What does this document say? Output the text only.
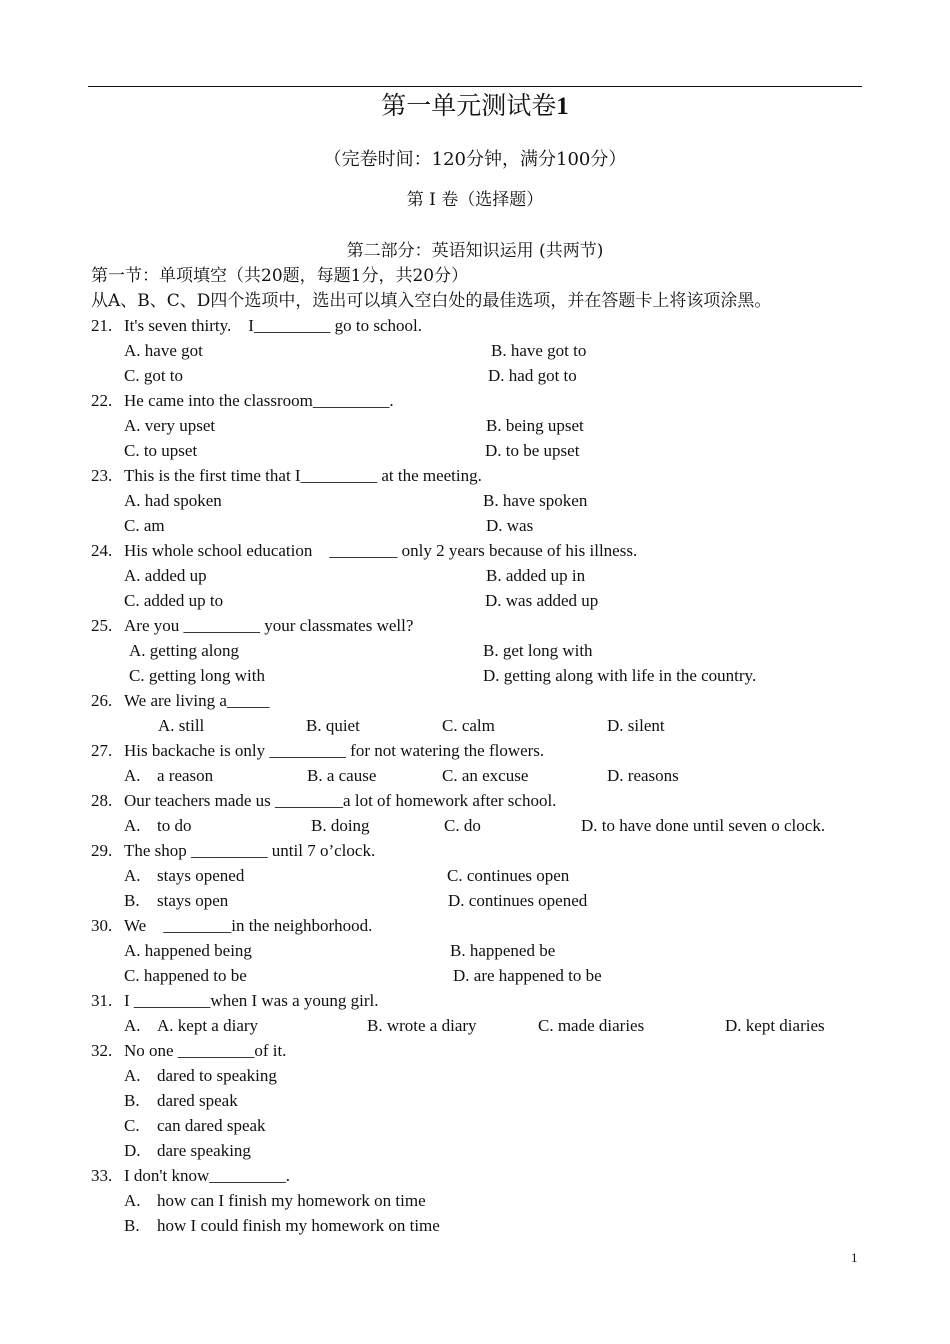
第一单元测试卷1
（完卷时间：120分钟，满分100分）
第 I 卷（选择题）
第二部分：英语知识运用 (共两节)
第一节：单项填空（共20题，每题1分，共20分）
从A、B、C、D四个选项中，选出可以填入空白处的最佳选项，并在答题卡上将该项涂黑。
21. It's seven thirty.    I_________ go to school.
A. have got	B. have got to
C. got to	D. had got to
22. He came into the classroom_________.
A. very upset	B. being upset
C. to upset	D. to be upset
23. This is the first time that I_________ at the meeting.
A. had spoken	B. have spoken
C. am	D. was
24. His whole school education    ________ only 2 years because of his illness.
A. added up	B. added up in
C. added up to	D. was added up
25. Are you _________ your classmates well?
A. getting along	B. get long with
C. getting long with	D. getting along with life in the country.
26. We are living a_____
A. still	B. quiet	C. calm	D. silent
27. His backache is only _________ for not watering the flowers.
A. a reason	B. a cause	C. an excuse	D. reasons
28. Our teachers made us ________a lot of homework after school.
A. to do	B. doing	C. do	D. to have done until seven o clock.
29. The shop _________ until 7 o’clock.
A. stays opened	C. continues open
B. stays open	D. continues opened
30. We    ________in the neighborhood.
A. happened being	B. happened be
C. happened to be	D. are happened to be
31. I _________when I was a young girl.
A. A. kept a diary	B. wrote a diary	C. made diaries	D. kept diaries
32. No one _________of it.
A. dared to speaking
B. dared speak
C. can dared speak
D. dare speaking
33. I don't know_________.
A. how can I finish my homework on time
B. how I could finish my homework on time
1
